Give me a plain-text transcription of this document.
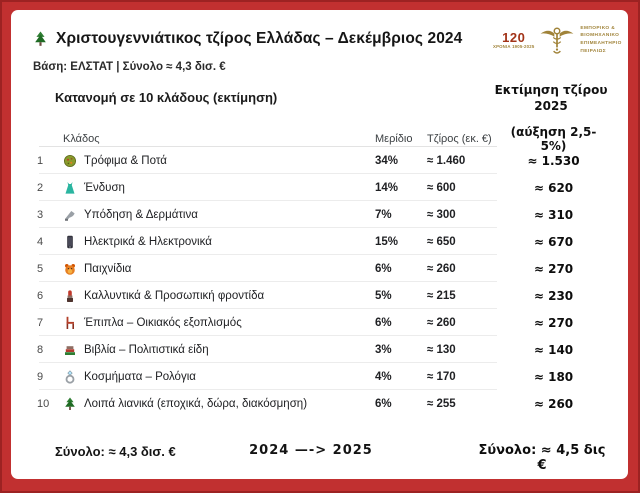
Χριστουγεννιάτικος τζίρος Ελλάδας – Δεκέμβριος 2024
Βάση: ΕΛΣΤΑΤ | Σύνολο ≈ 4,3 δισ. €
120
ΧΡΟΝΙΑ 1905-2025
ΕΜΠΟΡΙΚΟ &
ΒΙΟΜΗΧΑΝΙΚΟ
ΕΠΙΜΕΛΗΤΗΡΙΟ
ΠΕΙΡΑΙΩΣ
Κατανομή σε 10 κλάδους (εκτίμηση)	Εκτίμηση τζίρου
2025
Κλάδος	Μερίδιο	Τζίρος (εκ. €)	(αύξηση 2,5-5%)
1	Τρόφιμα & Ποτά	34%	≈ 1.460	≈ 1.530
2	Ένδυση	14%	≈ 600	≈ 620
3	Υπόδηση & Δερμάτινα	7%	≈ 300	≈ 310
4	Ηλεκτρικά & Ηλεκτρονικά	15%	≈ 650	≈ 670
5	Παιχνίδια	6%	≈ 260	≈ 270
6	Καλλυντικά & Προσωπική φροντίδα	5%	≈ 215	≈ 230
7	Έπιπλα – Οικιακός εξοπλισμός	6%	≈ 260	≈ 270
8	Βιβλία – Πολιτιστικά είδη	3%	≈ 130	≈ 140
9	Κοσμήματα – Ρολόγια	4%	≈ 170	≈ 180
10	Λοιπά λιανικά (εποχικά, δώρα, διακόσμηση)	6%	≈ 255	≈ 260
Σύνολο: ≈ 4,3 δισ. €	2024 —-> 2025	Σύνολο: ≈ 4,5 δις €
